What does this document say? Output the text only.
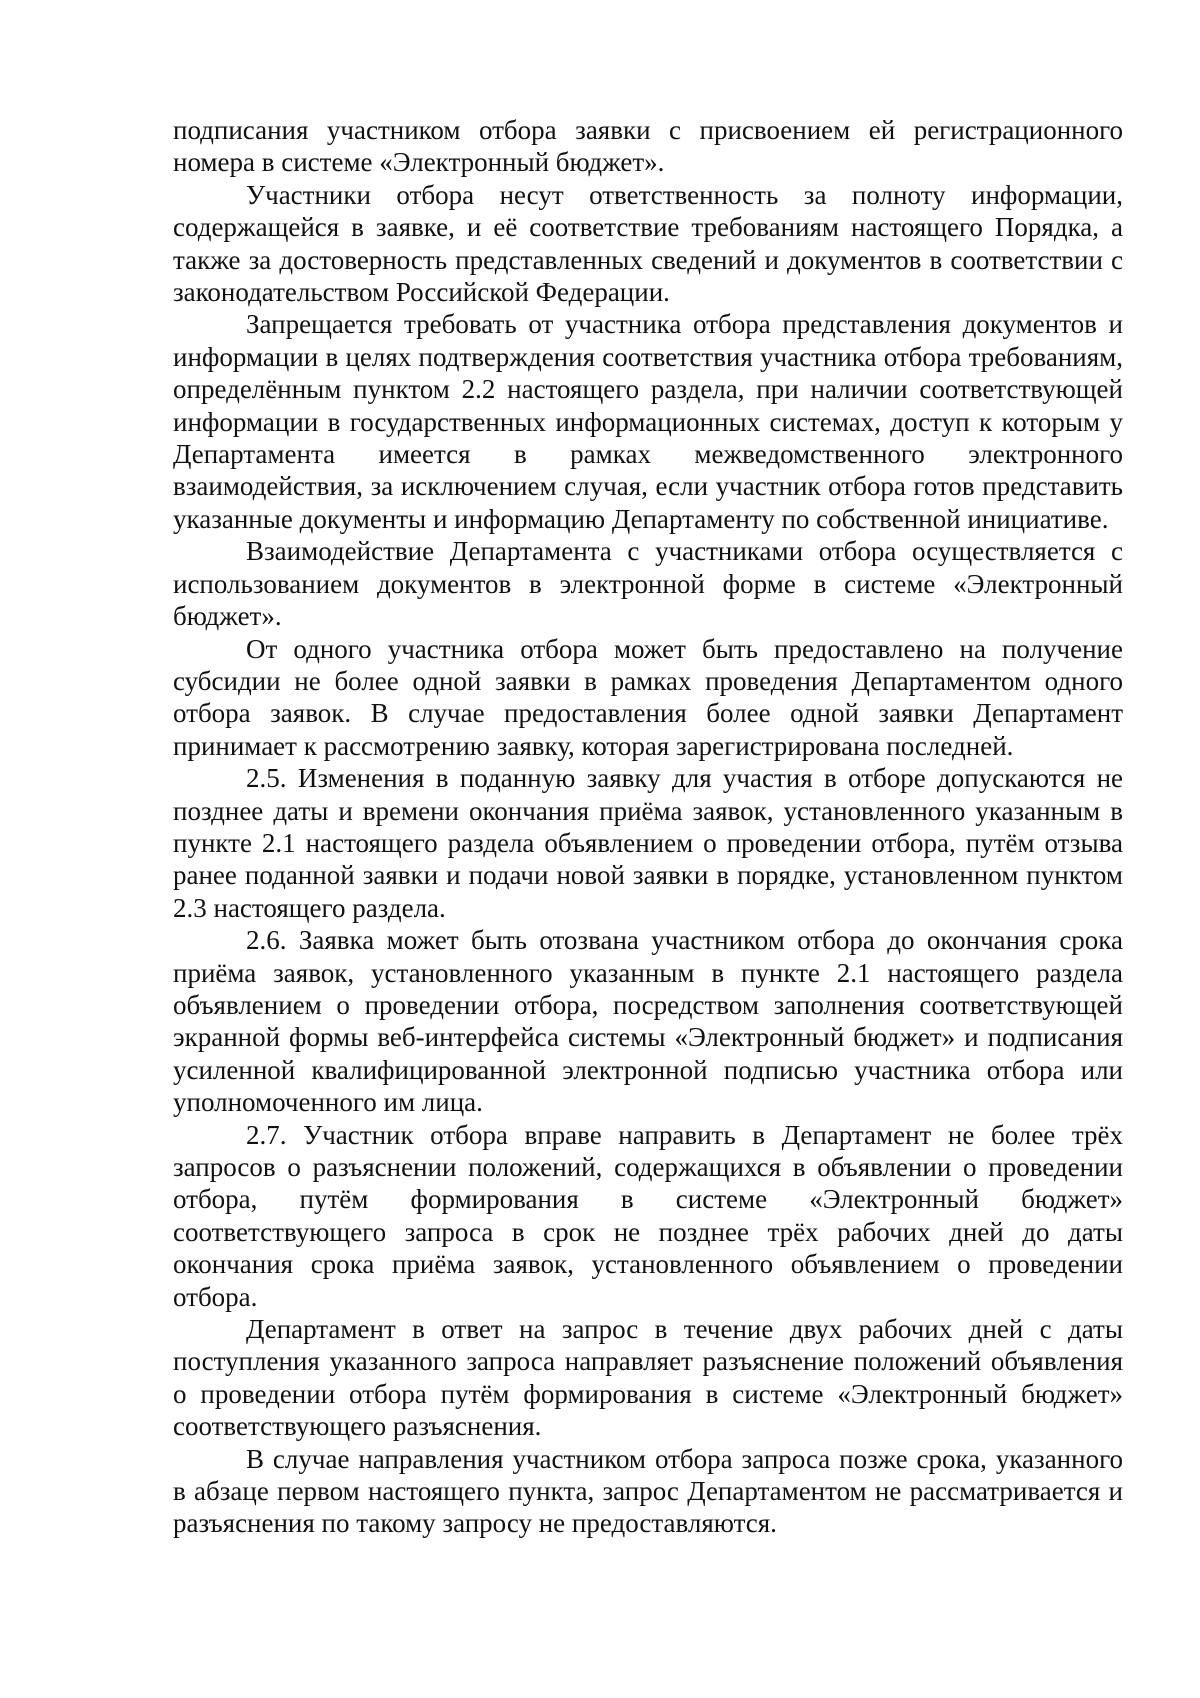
подписания участником отбора заявки с присвоением ей регистрационного номера в системе «Электронный бюджет».

Участники отбора несут ответственность за полноту информации, содержащейся в заявке, и её соответствие требованиям настоящего Порядка, а также за достоверность представленных сведений и документов в соответствии с законодательством Российской Федерации.

Запрещается требовать от участника отбора представления документов и информации в целях подтверждения соответствия участника отбора требованиям, определённым пунктом 2.2 настоящего раздела, при наличии соответствующей информации в государственных информационных системах, доступ к которым у Департамента имеется в рамках межведомственного электронного взаимодействия, за исключением случая, если участник отбора готов представить указанные документы и информацию Департаменту по собственной инициативе.

Взаимодействие Департамента с участниками отбора осуществляется с использованием документов в электронной форме в системе «Электронный бюджет».

От одного участника отбора может быть предоставлено на получение субсидии не более одной заявки в рамках проведения Департаментом одного отбора заявок. В случае предоставления более одной заявки Департамент принимает к рассмотрению заявку, которая зарегистрирована последней.

2.5. Изменения в поданную заявку для участия в отборе допускаются не позднее даты и времени окончания приёма заявок, установленного указанным в пункте 2.1 настоящего раздела объявлением о проведении отбора, путём отзыва ранее поданной заявки и подачи новой заявки в порядке, установленном пунктом 2.3 настоящего раздела.

2.6. Заявка может быть отозвана участником отбора до окончания срока приёма заявок, установленного указанным в пункте 2.1 настоящего раздела объявлением о проведении отбора, посредством заполнения соответствующей экранной формы веб-интерфейса системы «Электронный бюджет» и подписания усиленной квалифицированной электронной подписью участника отбора или уполномоченного им лица.

2.7. Участник отбора вправе направить в Департамент не более трёх запросов о разъяснении положений, содержащихся в объявлении о проведении отбора, путём формирования в системе «Электронный бюджет» соответствующего запроса в срок не позднее трёх рабочих дней до даты окончания срока приёма заявок, установленного объявлением о проведении отбора.

Департамент в ответ на запрос в течение двух рабочих дней с даты поступления указанного запроса направляет разъяснение положений объявления о проведении отбора путём формирования в системе «Электронный бюджет» соответствующего разъяснения.

В случае направления участником отбора запроса позже срока, указанного в абзаце первом настоящего пункта, запрос Департаментом не рассматривается и разъяснения по такому запросу не предоставляются.
